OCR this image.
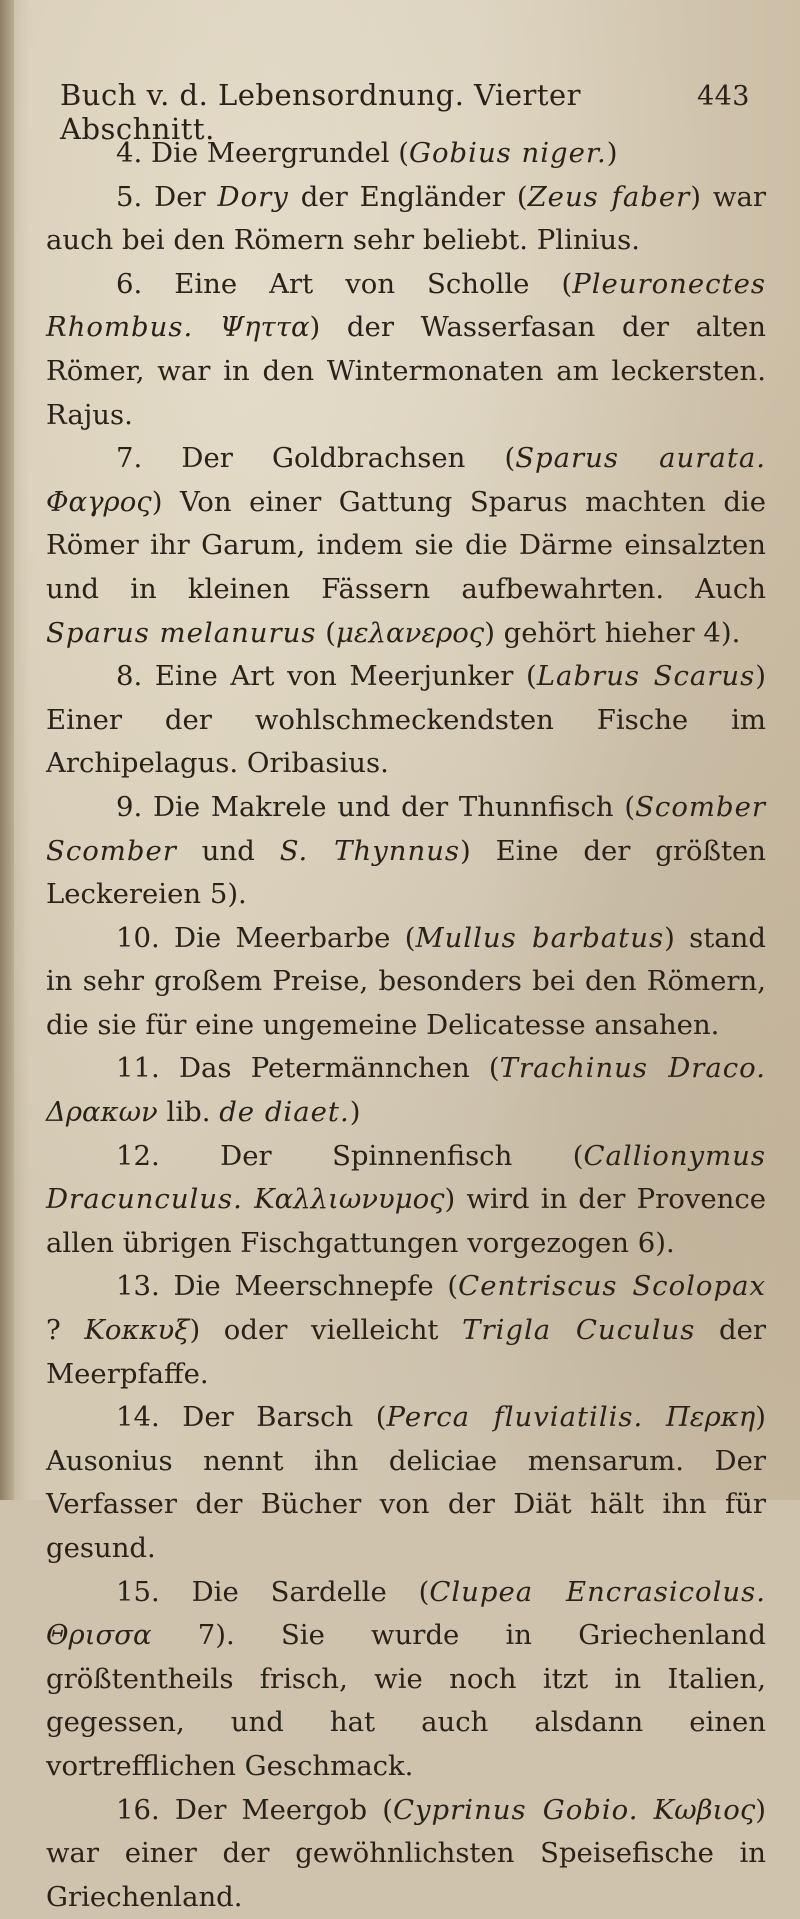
Buch v. d. Lebensordnung. Vierter Abschnitt.
443
4. Die Meergrundel (Gobius niger.)
5. Der Dory der Engländer (Zeus faber) war auch bei den Römern sehr beliebt. Plinius.
6. Eine Art von Scholle (Pleuronectes Rhombus. Ψηττα) der Wasserfasan der alten Römer, war in den Wintermonaten am leckersten. Rajus.
7. Der Goldbrachsen (Sparus aurata. Φαγρος) Von einer Gattung Sparus machten die Römer ihr Garum, indem sie die Därme einsalzten und in kleinen Fässern aufbewahrten. Auch Sparus melanurus (μελανερος) gehört hieher 4).
8. Eine Art von Meerjunker (Labrus Scarus) Einer der wohlschmeckendsten Fische im Archipelagus. Oribasius.
9. Die Makrele und der Thunnfisch (Scomber Scomber und S. Thynnus) Eine der größten Leckereien 5).
10. Die Meerbarbe (Mullus barbatus) stand in sehr großem Preise, besonders bei den Römern, die sie für eine ungemeine Delicatesse ansahen.
11. Das Petermännchen (Trachinus Draco. Δρακων lib. de diaet.)
12. Der Spinnenfisch (Callionymus Dracunculus. Καλλιωνυμος) wird in der Provence allen übrigen Fischgattungen vorgezogen 6).
13. Die Meerschnepfe (Centriscus Scolopax ? Κοκκυξ) oder vielleicht Trigla Cuculus der Meerpfaffe.
14. Der Barsch (Perca fluviatilis. Περκη) Ausonius nennt ihn deliciae mensarum. Der Verfasser der Bücher von der Diät hält ihn für gesund.
15. Die Sardelle (Clupea Encrasicolus. Θρισσα 7). Sie wurde in Griechenland größtentheils frisch, wie noch itzt in Italien, gegessen, und hat auch alsdann einen vortrefflichen Geschmack.
16. Der Meergob (Cyprinus Gobio. Κωβιος) war einer der gewöhnlichsten Speisefische in Griechenland.
